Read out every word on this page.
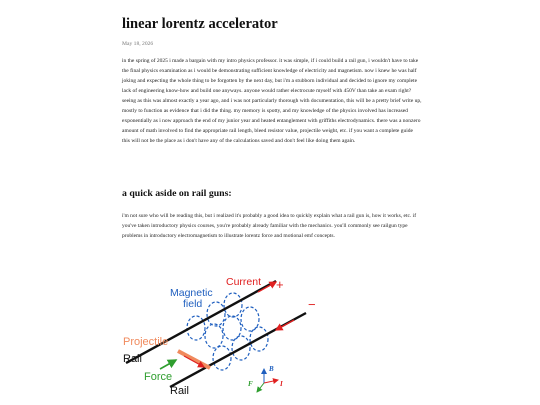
linear lorentz accelerator
May 18, 2026

in the spring of 2025 i made a bargain with my intro physics professor. it was simple, if i could build a rail gun, i wouldn't have to take the final physics examination as i would be demonstrating sufficient knowledge of electricity and magnetism. now i knew he was half joking and expecting the whole thing to be forgotten by the next day, but i'm a stubborn individual and decided to ignore my complete lack of engineering know-how and build one anyways. anyone would rather electrocute myself with 450V than take an exam right? seeing as this was almost exactly a year ago, and i was not particularly thorough with documentation, this will be a pretty brief write up, mostly to function as evidence that i did the thing. my memory is spotty, and my knowledge of the physics involved has increased exponentially as i now approach the end of my junior year and heated entanglement with griffiths electrodynamics. there was a nonzero amount of math involved to find the appropriate rail length, bleed resistor value, projectile weight, etc. if you want a complete guide this will not be the place as i don't have any of the calculations saved and don't feel like doing them again.

a quick aside on rail guns:

i'm not sure who will be reading this, but i realized it's probably a good idea to quickly explain what a rail gun is, how it works, etc. if you've taken introductory physics courses, you're probably already familiar with the mechanics. you'll commonly see railgun type problems in introductory electromagnetism to illustrate lorentz force and motional emf concepts.

Current +
−
Magnetic
field
Projectile
Rail
Force
Rail
B
I
F
